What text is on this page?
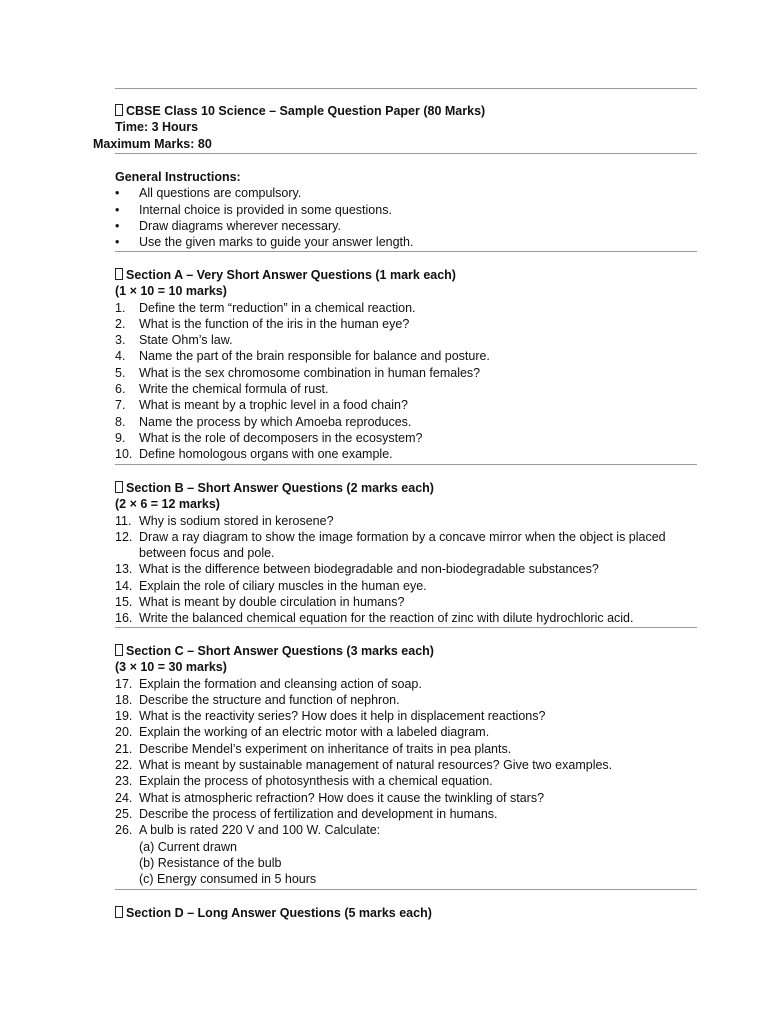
CBSE Class 10 Science – Sample Question Paper (80 Marks)
Time: 3 Hours
Maximum Marks: 80
General Instructions:
• All questions are compulsory.
• Internal choice is provided in some questions.
• Draw diagrams wherever necessary.
• Use the given marks to guide your answer length.
Section A – Very Short Answer Questions (1 mark each)
(1 × 10 = 10 marks)
1.	Define the term “reduction” in a chemical reaction.
2.	What is the function of the iris in the human eye?
3.	State Ohm’s law.
4.	Name the part of the brain responsible for balance and posture.
5.	What is the sex chromosome combination in human females?
6.	Write the chemical formula of rust.
7.	What is meant by a trophic level in a food chain?
8.	Name the process by which Amoeba reproduces.
9.	What is the role of decomposers in the ecosystem?
10. Define homologous organs with one example.
Section B – Short Answer Questions (2 marks each)
(2 × 6 = 12 marks)
11. Why is sodium stored in kerosene?
12. Draw a ray diagram to show the image formation by a concave mirror when the object is placed between focus and pole.
13. What is the difference between biodegradable and non-biodegradable substances?
14. Explain the role of ciliary muscles in the human eye.
15. What is meant by double circulation in humans?
16. Write the balanced chemical equation for the reaction of zinc with dilute hydrochloric acid.
Section C – Short Answer Questions (3 marks each)
(3 × 10 = 30 marks)
17. Explain the formation and cleansing action of soap.
18. Describe the structure and function of nephron.
19. What is the reactivity series? How does it help in displacement reactions?
20. Explain the working of an electric motor with a labeled diagram.
21. Describe Mendel’s experiment on inheritance of traits in pea plants.
22. What is meant by sustainable management of natural resources? Give two examples.
23. Explain the process of photosynthesis with a chemical equation.
24. What is atmospheric refraction? How does it cause the twinkling of stars?
25. Describe the process of fertilization and development in humans.
26. A bulb is rated 220 V and 100 W. Calculate:
(a) Current drawn
(b) Resistance of the bulb
(c) Energy consumed in 5 hours
Section D – Long Answer Questions (5 marks each)
